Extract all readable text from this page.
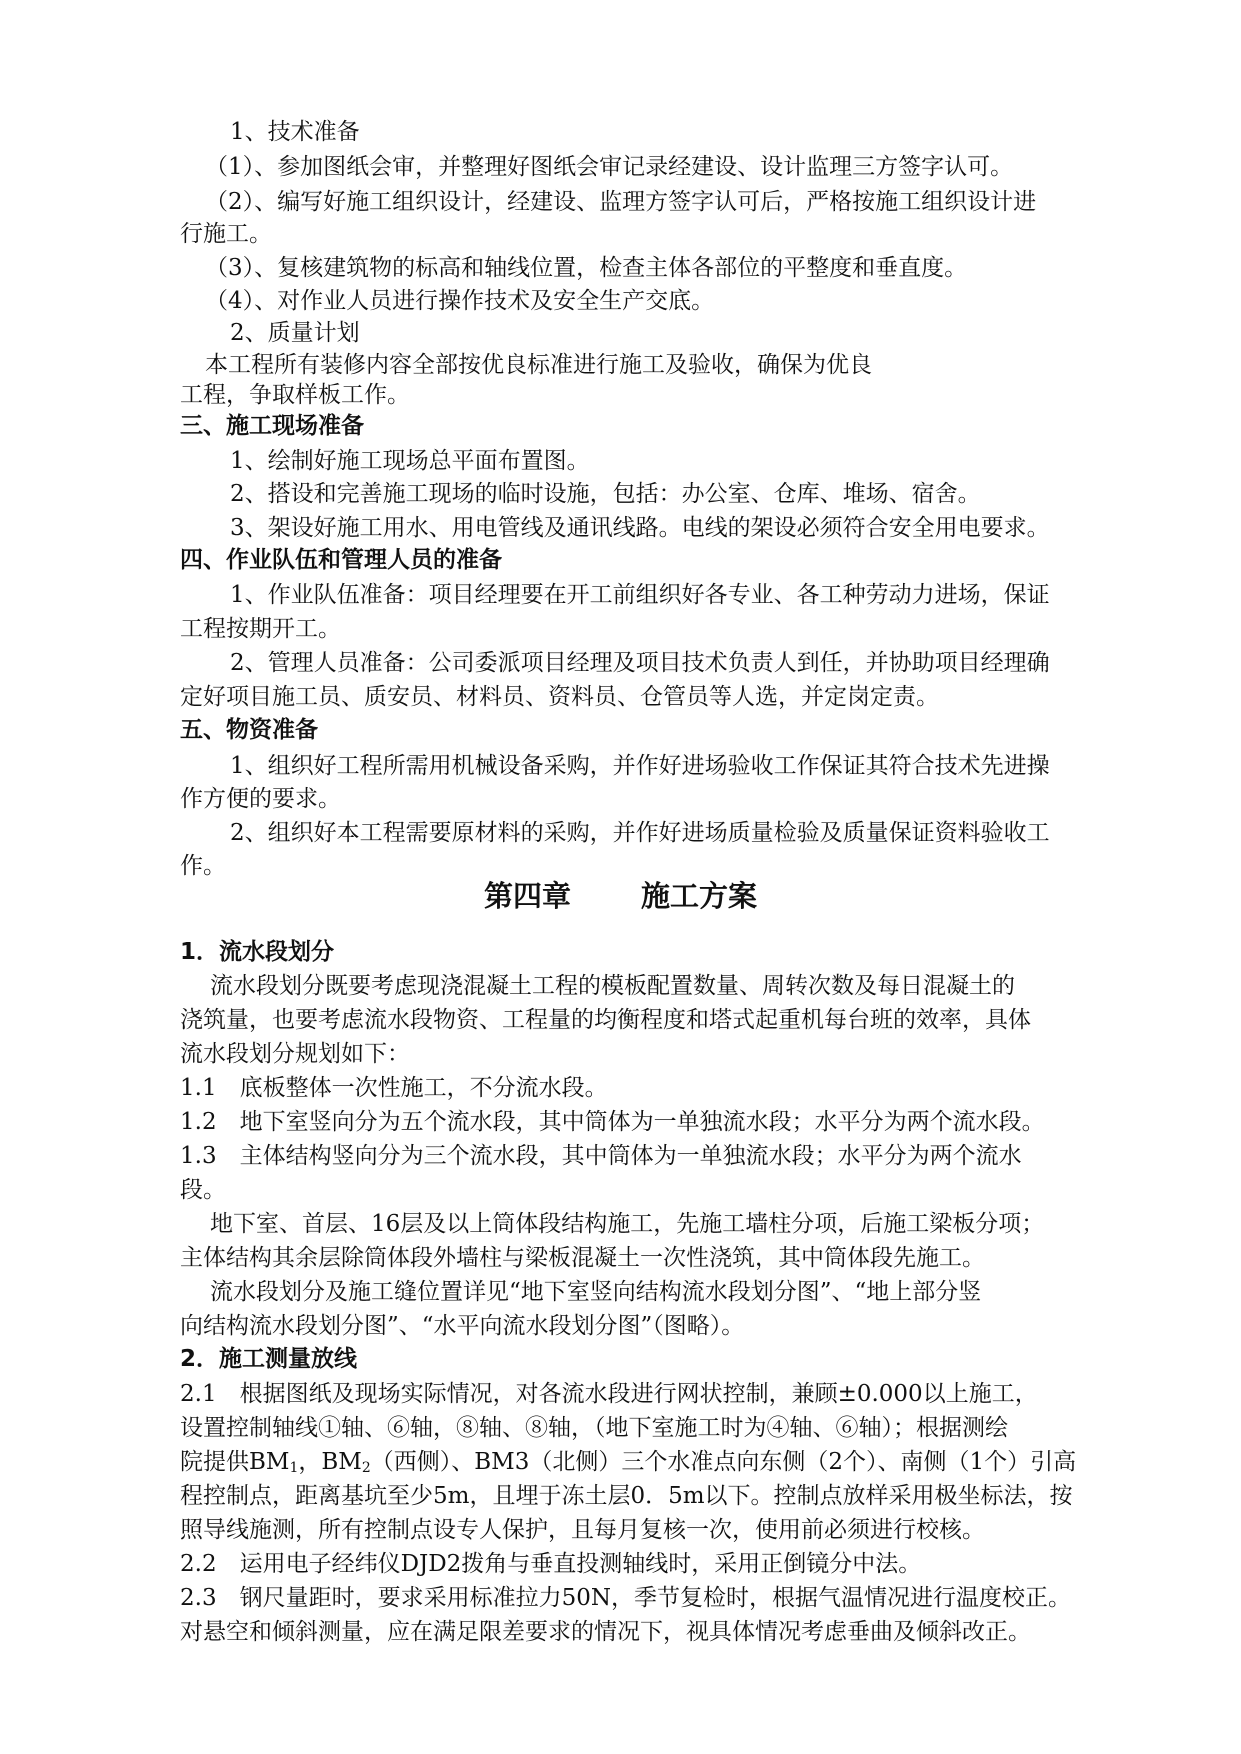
1、技术准备
（1）、参加图纸会审，并整理好图纸会审记录经建设、设计监理三方签字认可。
（2）、编写好施工组织设计，经建设、监理方签字认可后，严格按施工组织设计进
行施工。
（3）、复核建筑物的标高和轴线位置，检查主体各部位的平整度和垂直度。
（4）、对作业人员进行操作技术及安全生产交底。
2、质量计划
本工程所有装修内容全部按优良标准进行施工及验收，确保为优良
工程，争取样板工作。
三、施工现场准备
1、绘制好施工现场总平面布置图。
2、搭设和完善施工现场的临时设施，包括：办公室、仓库、堆场、宿舍。
3、架设好施工用水、用电管线及通讯线路。电线的架设必须符合安全用电要求。
四、作业队伍和管理人员的准备
1、作业队伍准备：项目经理要在开工前组织好各专业、各工种劳动力进场，保证
工程按期开工。
2、管理人员准备：公司委派项目经理及项目技术负责人到任，并协助项目经理确
定好项目施工员、质安员、材料员、资料员、仓管员等人选，并定岗定责。
五、物资准备
1、组织好工程所需用机械设备采购，并作好进场验收工作保证其符合技术先进操
作方便的要求。
2、组织好本工程需要原材料的采购，并作好进场质量检验及质量保证资料验收工
作。
第四章 施工方案
1．流水段划分
流水段划分既要考虑现浇混凝土工程的模板配置数量、周转次数及每日混凝土的
浇筑量，也要考虑流水段物资、工程量的均衡程度和塔式起重机每台班的效率，具体
流水段划分规划如下：
1.1　底板整体一次性施工，不分流水段。
1.2　地下室竖向分为五个流水段，其中筒体为一单独流水段；水平分为两个流水段。
1.3　主体结构竖向分为三个流水段，其中筒体为一单独流水段；水平分为两个流水
段。
地下室、首层、16层及以上筒体段结构施工，先施工墙柱分项，后施工梁板分项；
主体结构其余层除筒体段外墙柱与梁板混凝土一次性浇筑，其中筒体段先施工。
流水段划分及施工缝位置详见“地下室竖向结构流水段划分图”、“地上部分竖
向结构流水段划分图”、“水平向流水段划分图”（图略）。
2．施工测量放线
2.1　根据图纸及现场实际情况，对各流水段进行网状控制，兼顾±0.000以上施工，
设置控制轴线①轴、⑥轴，⑧轴、⑧轴，（地下室施工时为④轴、⑥轴）；根据测绘
院提供$BM_1$，$BM_2$（西侧）、BM3（北侧）三个水准点向东侧（2个）、南侧（1个）引高
程控制点，距离基坑至少5m，且埋于冻土层0．5m以下。控制点放样采用极坐标法，按
照导线施测，所有控制点设专人保护，且每月复核一次，使用前必须进行校核。
2.2　运用电子经纬仪DJD2拨角与垂直投测轴线时，采用正倒镜分中法。
2.3　钢尺量距时，要求采用标准拉力50N，季节复检时，根据气温情况进行温度校正。
对悬空和倾斜测量，应在满足限差要求的情况下，视具体情况考虑垂曲及倾斜改正。
